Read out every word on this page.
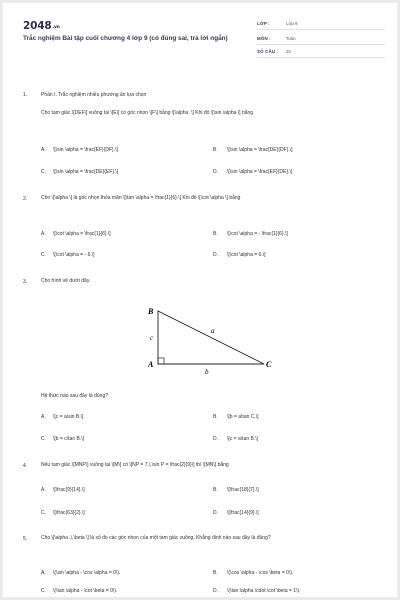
2048.vn
Trắc nghiệm Bài tập cuối chương 4 lớp 9 (có đúng sai, trả lời ngắn)
LỚP :	Lớp 9
MÔN :	Toán
SỐ CÂU : 20
1.	Phần I. Trắc nghiệm nhiều phương án lựa chọn
Cho tam giác \[DEF\] vuông tại \[E\] có góc nhọn \[F\] bằng \[\alpha .\] Khi đó \[\sin \alpha \] bằng
A. \[\sin \alpha = \frac{EF}{DF}.\]	B. \[\sin \alpha = \frac{DE}{DF}.\]
C. \[\sin \alpha = \frac{DE}{EF}.\]	D. \[\sin \alpha = \frac{EF}{DE}.\]
2.	Cho \[\alpha \] là góc nhọn thỏa mãn \[\tan \alpha = \frac{1}{6}.\] Khi đó \[\cot \alpha \] bằng
A. \[\cot \alpha = \frac{1}{6}.\]	B. \[\cot \alpha = - \frac{1}{6}.\]
C. \[\cot \alpha = - 6.\]	D. \[\cot \alpha = 6.\]
3.	Cho hình vẽ dưới đây.
B
A	C
a
b
c
Hệ thức nào sau đây là đúng?
A. \[c = a\sin B.\]	B. \[b = a\tan C.\]
C. \[b = c\tan B.\]	D. \[c = a\tan B.\]
4.	Nếu tam giác \[MNP\] vuông tại \[M\] có \[NP = 7,\,\sin P = \frac{2}{9}\] thì \[MN\] bằng
A. \[\frac{9}{14}.\]	B. \[\frac{18}{7}.\]
C. \[\frac{63}{2}.\]	D. \[\frac{14}{9}.\]
5.	Cho \[\alpha ,\,\beta \] là số đo các góc nhọn của một tam giác vuông. Khẳng định nào sau đây là đúng?
A. \(\sin \alpha - \cos \alpha = 0\).	B. \(\cos \alpha - \cos \beta = 0\).
C. \(\tan \alpha - \cot \beta = 0\).	D. \(\tan \alpha \cdot \cot \beta = 1\).
